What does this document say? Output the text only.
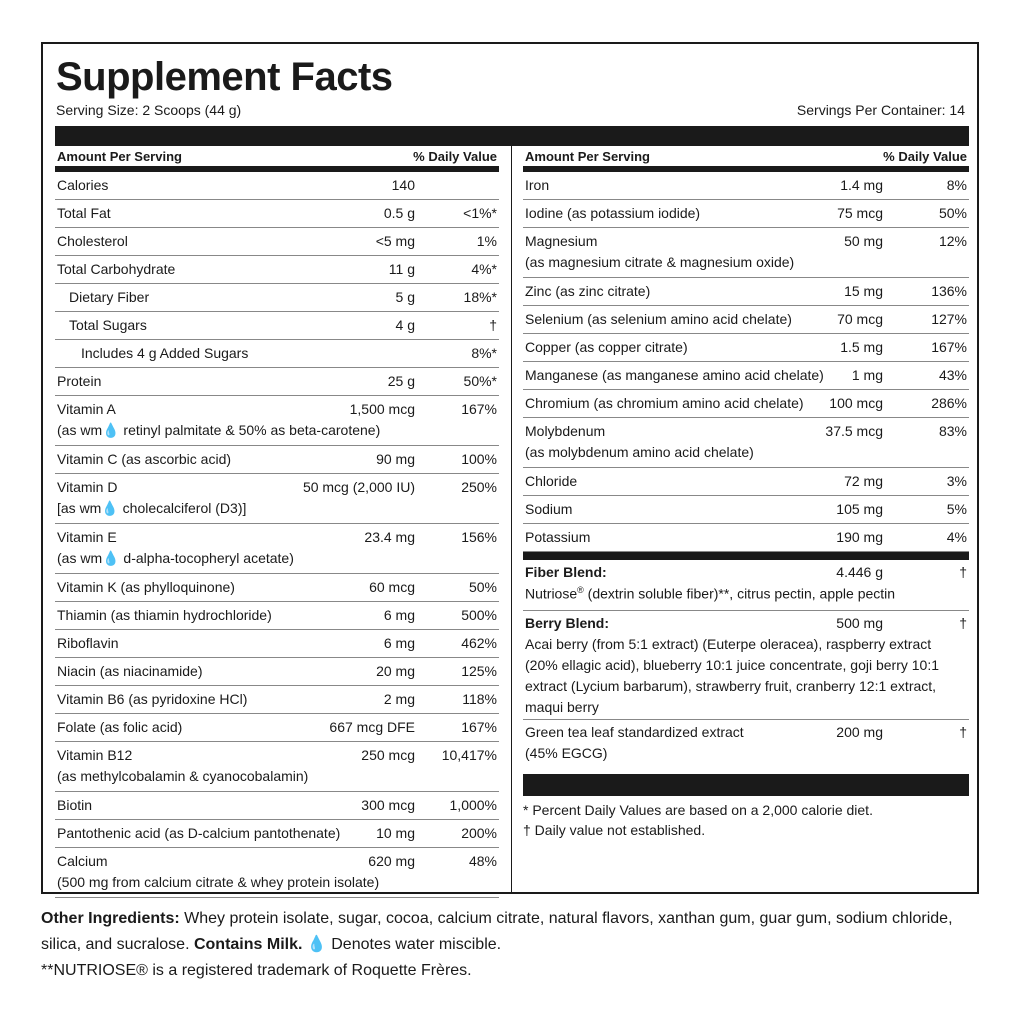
Supplement Facts
Serving Size: 2 Scoops (44 g)	Servings Per Container: 14
Amount Per Serving	% Daily Value
Calories	140
Total Fat	0.5 g	<1%*
Cholesterol	<5 mg	1%
Total Carbohydrate	11 g	4%*
Dietary Fiber	5 g	18%*
Total Sugars	4 g	†
Includes 4 g Added Sugars	8%*
Protein	25 g	50%*
Vitamin A
(as wm💧 retinyl palmitate & 50% as beta-carotene)
1,500 mcg	167%
Vitamin C (as ascorbic acid)	90 mg	100%
Vitamin D
[as wm💧 cholecalciferol (D3)]
50 mcg (2,000 IU)	250%
Vitamin E
(as wm💧 d-alpha-tocopheryl acetate)
23.4 mg	156%
Vitamin K (as phylloquinone)	60 mcg	50%
Thiamin (as thiamin hydrochloride)	6 mg	500%
Riboflavin	6 mg	462%
Niacin (as niacinamide)	20 mg	125%
Vitamin B6 (as pyridoxine HCl)	2 mg	118%
Folate (as folic acid)	667 mcg DFE	167%
Vitamin B12
(as methylcobalamin & cyanocobalamin)
250 mcg 10,417%
Biotin	300 mcg 1,000%
Pantothenic acid (as D-calcium pantothenate)	10 mg	200%
Calcium
(500 mg from calcium citrate & whey protein isolate)
620 mg	48%
Amount Per Serving	% Daily Value
Iron	1.4 mg	8%
Iodine (as potassium iodide)	75 mcg	50%
Magnesium
(as magnesium citrate & magnesium oxide)
50 mg	12%
Zinc (as zinc citrate)	15 mg	136%
Selenium (as selenium amino acid chelate)	70 mcg	127%
Copper (as copper citrate)	1.5 mg	167%
Manganese (as manganese amino acid chelate) 1 mg	43%
Chromium (as chromium amino acid chelate) 100 mcg	286%
Molybdenum
(as molybdenum amino acid chelate)
37.5 mcg	83%
Chloride	72 mg	3%
Sodium	105 mg	5%
Potassium	190 mg	4%
Fiber Blend:	4.446 g	†
Nutriose® (dextrin soluble fiber)**, citrus pectin, apple pectin
Berry Blend:	500 mg	†
Acai berry (from 5:1 extract) (Euterpe oleracea), raspberry extract
(20% ellagic acid), blueberry 10:1 juice concentrate, goji berry 10:1
extract (Lycium barbarum), strawberry fruit, cranberry 12:1 extract,
maqui berry
Green tea leaf standardized extract	200 mg	†
(45% EGCG)
* Percent Daily Values are based on a 2,000 calorie diet.
† Daily value not established.
Other Ingredients: Whey protein isolate, sugar, cocoa, calcium citrate, natural flavors, xanthan gum, guar gum, sodium chloride, silica, and sucralose. Contains Milk. 💧 Denotes water miscible.
**NUTRIOSE® is a registered trademark of Roquette Frères.
